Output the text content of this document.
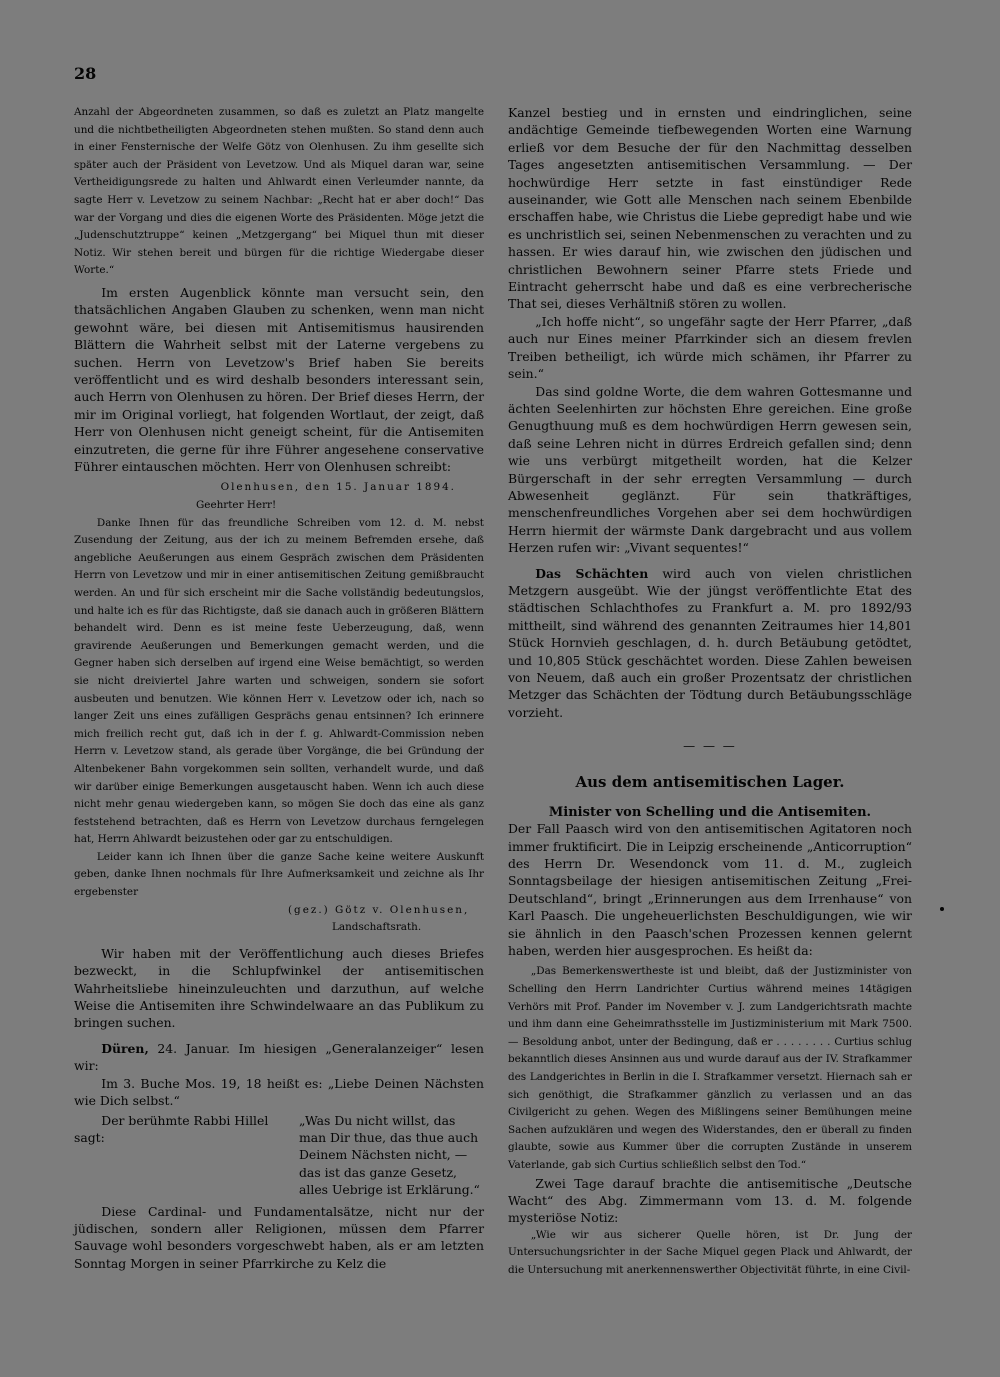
28

Anzahl der Abgeordneten zusammen, so daß es zuletzt an Platz mangelte und die nichtbetheiligten Abgeordneten stehen mußten. So stand denn auch in einer Fensternische der Welfe Götz von Olenhusen. Zu ihm gesellte sich später auch der Präsident von Levetzow. Und als Miquel daran war, seine Vertheidigungsrede zu halten und Ahlwardt einen Verleumder nannte, da sagte Herr v. Levetzow zu seinem Nachbar: „Recht hat er aber doch!“ Das war der Vorgang und dies die eigenen Worte des Präsidenten. Möge jetzt die „Judenschutztruppe“ keinen „Metzgergang“ bei Miquel thun mit dieser Notiz. Wir stehen bereit und bürgen für die richtige Wiedergabe dieser Worte.“

Im ersten Augenblick könnte man versucht sein, den thatsächlichen Angaben Glauben zu schenken, wenn man nicht gewohnt wäre, bei diesen mit Antisemitismus hausirenden Blättern die Wahrheit selbst mit der Laterne vergebens zu suchen. Herrn von Levetzow's Brief haben Sie bereits veröffentlicht und es wird deshalb besonders interessant sein, auch Herrn von Olenhusen zu hören. Der Brief dieses Herrn, der mir im Original vorliegt, hat folgenden Wortlaut, der zeigt, daß Herr von Olenhusen nicht geneigt scheint, für die Antisemiten einzutreten, die gerne für ihre Führer angesehene conservative Führer eintauschen möchten. Herr von Olenhusen schreibt:

Olenhusen, den 15. Januar 1894.

Geehrter Herr!

Danke Ihnen für das freundliche Schreiben vom 12. d. M. nebst Zusendung der Zeitung, aus der ich zu meinem Befremden ersehe, daß angebliche Aeußerungen aus einem Gespräch zwischen dem Präsidenten Herrn von Levetzow und mir in einer antisemitischen Zeitung gemißbraucht werden. An und für sich erscheint mir die Sache vollständig bedeutungslos, und halte ich es für das Richtigste, daß sie danach auch in größeren Blättern behandelt wird. Denn es ist meine feste Ueberzeugung, daß, wenn gravirende Aeußerungen und Bemerkungen gemacht werden, und die Gegner haben sich derselben auf irgend eine Weise bemächtigt, so werden sie nicht dreiviertel Jahre warten und schweigen, sondern sie sofort ausbeuten und benutzen. Wie können Herr v. Levetzow oder ich, nach so langer Zeit uns eines zufälligen Gesprächs genau entsinnen? Ich erinnere mich freilich recht gut, daß ich in der f. g. Ahlwardt-Commission neben Herrn v. Levetzow stand, als gerade über Vorgänge, die bei Gründung der Altenbekener Bahn vorgekommen sein sollten, verhandelt wurde, und daß wir darüber einige Bemerkungen ausgetauscht haben. Wenn ich auch diese nicht mehr genau wiedergeben kann, so mögen Sie doch das eine als ganz feststehend betrachten, daß es Herrn von Levetzow durchaus ferngelegen hat, Herrn Ahlwardt beizustehen oder gar zu entschuldigen.

Leider kann ich Ihnen über die ganze Sache keine weitere Auskunft geben, danke Ihnen nochmals für Ihre Aufmerksamkeit und zeichne als Ihr ergebenster

(gez.) Götz v. Olenhusen,

Landschaftsrath.

Wir haben mit der Veröffentlichung auch dieses Briefes bezweckt, in die Schlupfwinkel der antisemitischen Wahrheitsliebe hineinzuleuchten und darzuthun, auf welche Weise die Antisemiten ihre Schwindelwaare an das Publikum zu bringen suchen.

Düren, 24. Januar. Im hiesigen „Generalanzeiger“ lesen wir:

Im 3. Buche Mos. 19, 18 heißt es: „Liebe Deinen Nächsten wie Dich selbst.“

Der berühmte Rabbi Hillel sagt:

„Was Du nicht willst, das man Dir thue, das thue auch Deinem Nächsten nicht, — das ist das ganze Gesetz, alles Uebrige ist Erklärung.“

Diese Cardinal- und Fundamentalsätze, nicht nur der jüdischen, sondern aller Religionen, müssen dem Pfarrer Sauvage wohl besonders vorgeschwebt haben, als er am letzten Sonntag Morgen in seiner Pfarrkirche zu Kelz die

Kanzel bestieg und in ernsten und eindringlichen, seine andächtige Gemeinde tiefbewegenden Worten eine Warnung erließ vor dem Besuche der für den Nachmittag desselben Tages angesetzten antisemitischen Versammlung. — Der hochwürdige Herr setzte in fast einstündiger Rede auseinander, wie Gott alle Menschen nach seinem Ebenbilde erschaffen habe, wie Christus die Liebe gepredigt habe und wie es unchristlich sei, seinen Nebenmenschen zu verachten und zu hassen. Er wies darauf hin, wie zwischen den jüdischen und christlichen Bewohnern seiner Pfarre stets Friede und Eintracht geherrscht habe und daß es eine verbrecherische That sei, dieses Verhältniß stören zu wollen.

„Ich hoffe nicht“, so ungefähr sagte der Herr Pfarrer, „daß auch nur Eines meiner Pfarrkinder sich an diesem frevlen Treiben betheiligt, ich würde mich schämen, ihr Pfarrer zu sein.“

Das sind goldne Worte, die dem wahren Gottesmanne und ächten Seelenhirten zur höchsten Ehre gereichen. Eine große Genugthuung muß es dem hochwürdigen Herrn gewesen sein, daß seine Lehren nicht in dürres Erdreich gefallen sind; denn wie uns verbürgt mitgetheilt worden, hat die Kelzer Bürgerschaft in der sehr erregten Versammlung — durch Abwesenheit geglänzt. Für sein thatkräftiges, menschenfreundliches Vorgehen aber sei dem hochwürdigen Herrn hiermit der wärmste Dank dargebracht und aus vollem Herzen rufen wir: „Vivant sequentes!“

Das Schächten wird auch von vielen christlichen Metzgern ausgeübt. Wie der jüngst veröffentlichte Etat des städtischen Schlachthofes zu Frankfurt a. M. pro 1892/93 mittheilt, sind während des genannten Zeitraumes hier 14,801 Stück Hornvieh geschlagen, d. h. durch Betäubung getödtet, und 10,805 Stück geschächtet worden. Diese Zahlen beweisen von Neuem, daß auch ein großer Prozentsatz der christlichen Metzger das Schächten der Tödtung durch Betäubungsschläge vorzieht.

— — —
Aus dem antisemitischen Lager.
Minister von Schelling und die Antisemiten.

Der Fall Paasch wird von den antisemitischen Agitatoren noch immer fruktificirt. Die in Leipzig erscheinende „Anticorruption“ des Herrn Dr. Wesendonck vom 11. d. M., zugleich Sonntagsbeilage der hiesigen antisemitischen Zeitung „Frei-Deutschland“, bringt „Erinnerungen aus dem Irrenhause“ von Karl Paasch. Die ungeheuerlichsten Beschuldigungen, wie wir sie ähnlich in den Paasch'schen Prozessen kennen gelernt haben, werden hier ausgesprochen. Es heißt da:

„Das Bemerkenswertheste ist und bleibt, daß der Justizminister von Schelling den Herrn Landrichter Curtius während meines 14tägigen Verhörs mit Prof. Pander im November v. J. zum Landgerichtsrath machte und ihm dann eine Geheimrathsstelle im Justizministerium mit Mark 7500.— Besoldung anbot, unter der Bedingung, daß er . . . . . . . . Curtius schlug bekanntlich dieses Ansinnen aus und wurde darauf aus der IV. Strafkammer des Landgerichtes in Berlin in die I. Strafkammer versetzt. Hiernach sah er sich genöthigt, die Strafkammer gänzlich zu verlassen und an das Civilgericht zu gehen. Wegen des Mißlingens seiner Bemühungen meine Sachen aufzuklären und wegen des Widerstandes, den er überall zu finden glaubte, sowie aus Kummer über die corrupten Zustände in unserem Vaterlande, gab sich Curtius schließlich selbst den Tod.“

Zwei Tage darauf brachte die antisemitische „Deutsche Wacht“ des Abg. Zimmermann vom 13. d. M. folgende mysteriöse Notiz:

„Wie wir aus sicherer Quelle hören, ist Dr. Jung der Untersuchungsrichter in der Sache Miquel gegen Plack und Ahlwardt, der die Untersuchung mit anerkennenswerther Objectivität führte, in eine Civil-
